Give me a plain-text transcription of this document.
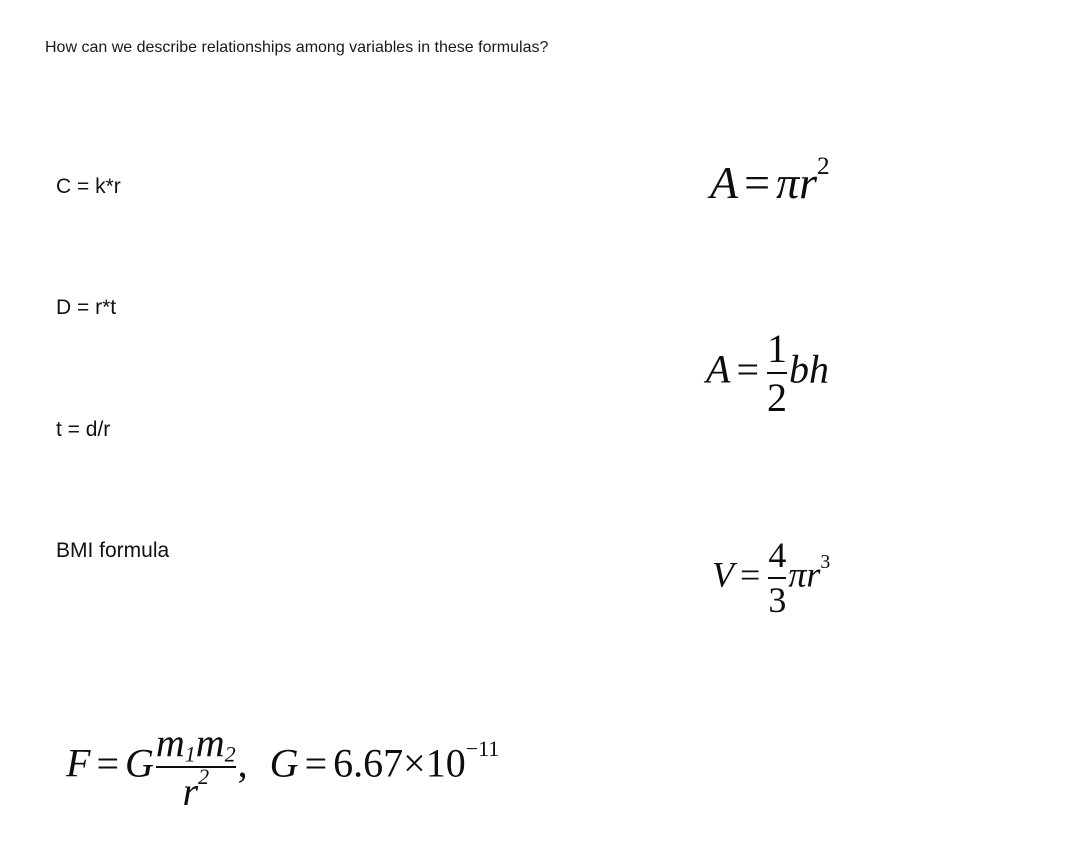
How can we describe relationships among variables in these formulas?
C = k*r
D = r*t
t = d/r
BMI formula
$A = \pi r^2$
$A = \frac{1}{2}$ bh
$V = \frac{4}{3} \pi r^3$
F = G $\frac{m_1m_2}{r^2}$ , $G = 6.67\times 10^{-11}$
